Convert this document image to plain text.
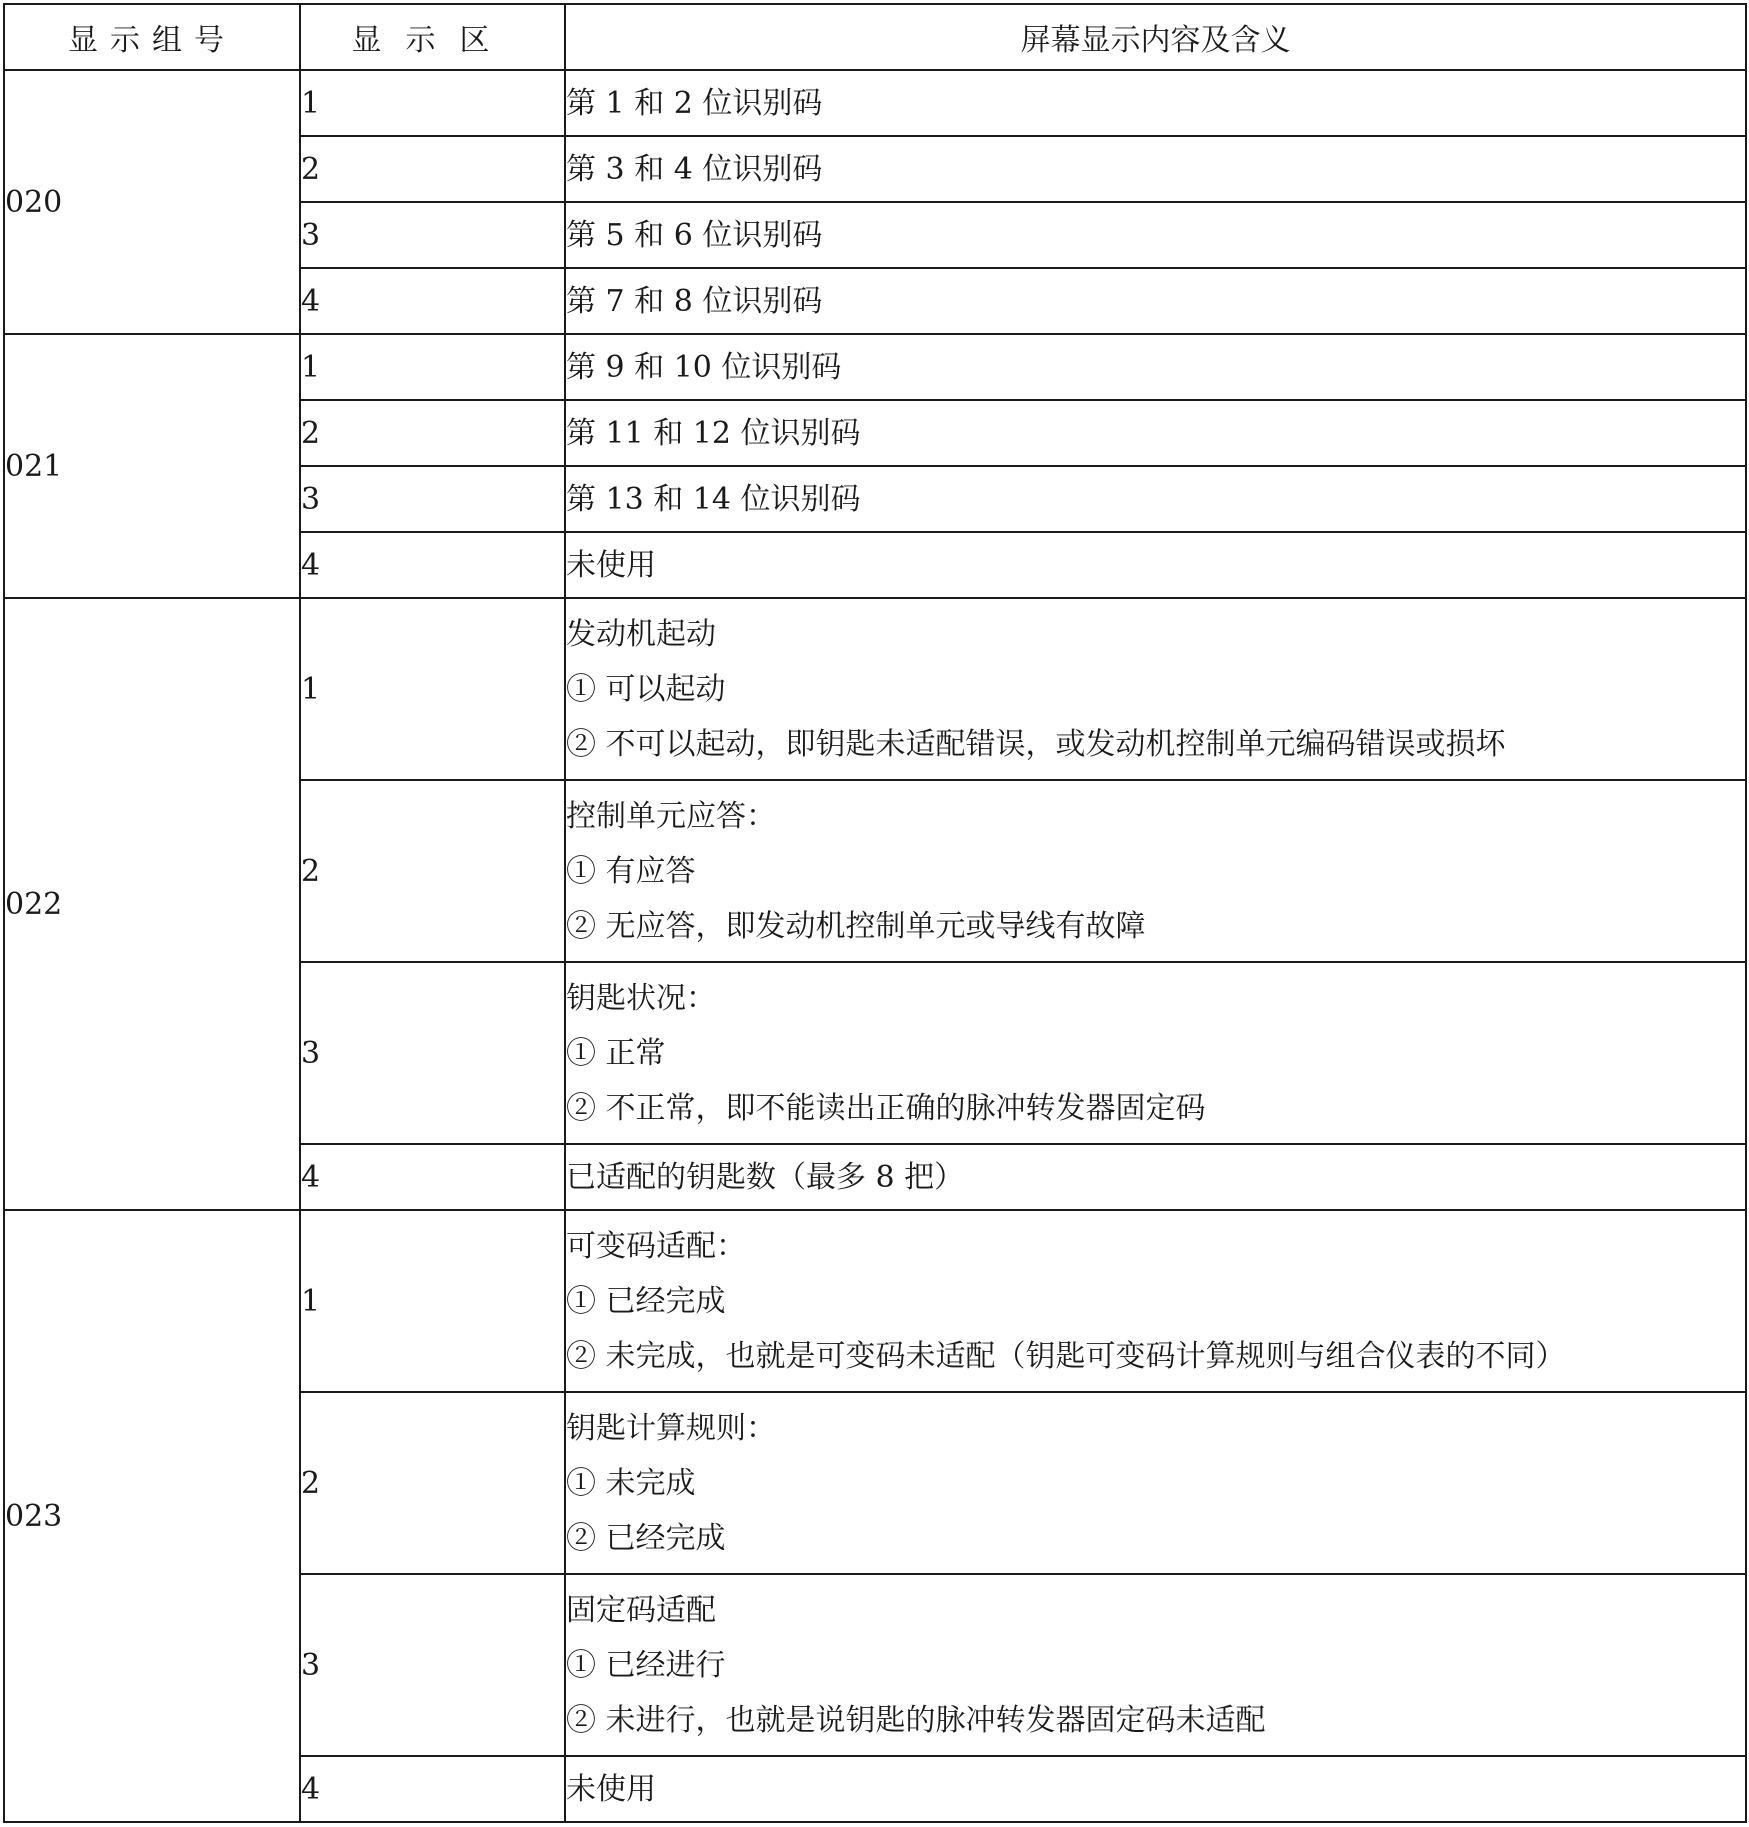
显示组号	显示区	屏幕显示内容及含义
020	1	第 1 和 2 位识别码

	2	第 3 和 4 位识别码

	3	第 5 和 6 位识别码

	4	第 7 和 8 位识别码

021	1	第 9 和 10 位识别码

	2	第 11 和 12 位识别码

	3	第 13 和 14 位识别码

	4	未使用

022	1	发动机起动
① 可以起动
② 不可以起动，即钥匙未适配错误，或发动机控制单元编码错误或损坏

	2	控制单元应答：
① 有应答
② 无应答，即发动机控制单元或导线有故障

	3	钥匙状况：
① 正常
② 不正常，即不能读出正确的脉冲转发器固定码

	4	已适配的钥匙数（最多 8 把）

023	1	可变码适配：
① 已经完成
② 未完成，也就是可变码未适配（钥匙可变码计算规则与组合仪表的不同）

	2	钥匙计算规则：
① 未完成
② 已经完成

	3	固定码适配
① 已经进行
② 未进行，也就是说钥匙的脉冲转发器固定码未适配

	4	未使用
